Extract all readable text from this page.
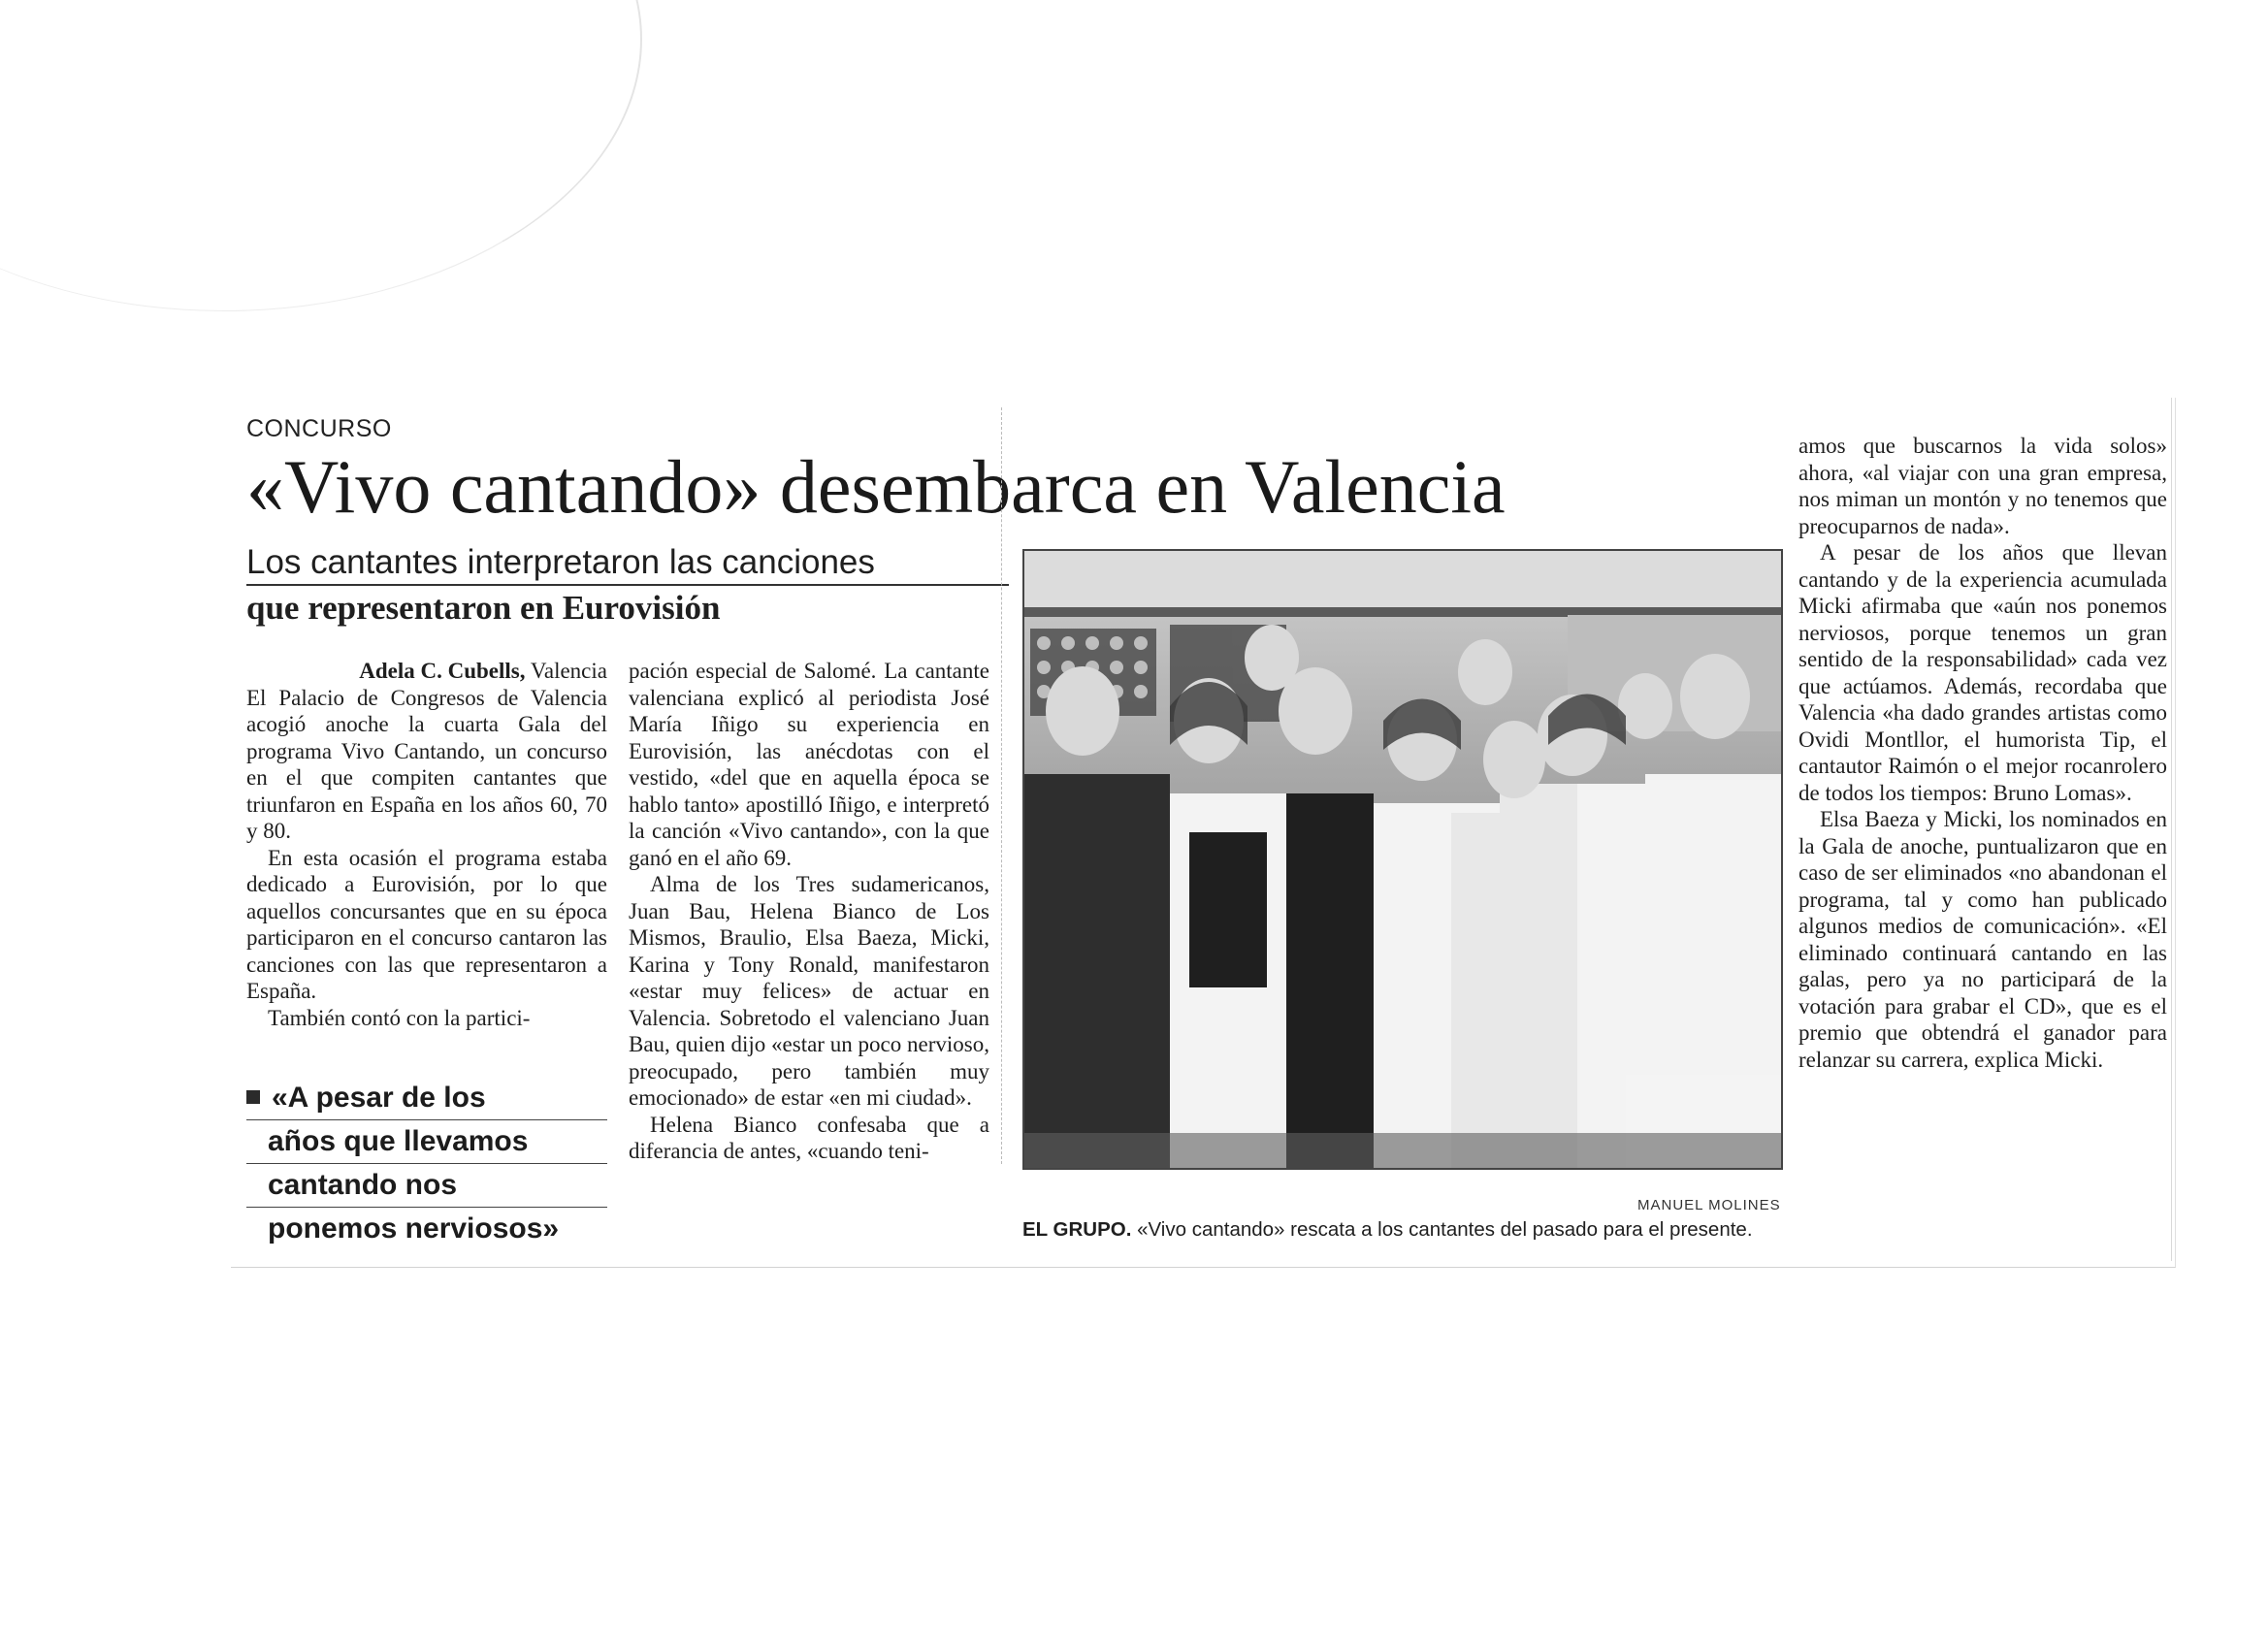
CONCURSO
«Vivo cantando» desembarca en Valencia
Los cantantes interpretaron las canciones
que representaron en Eurovisión

Adela C. Cubells, Valencia

El Palacio de Congresos de Valencia acogió anoche la cuarta Gala del programa Vivo Cantando, un concurso en el que compiten cantantes que triunfaron en España en los años 60, 70 y 80.

En esta ocasión el programa estaba dedicado a Eurovisión, por lo que aquellos concursantes que en su época participaron en el concurso cantaron las canciones con las que representaron a España.

También contó con la partici-

«A pesar de los
años que llevamos
cantando nos
ponemos nerviosos»

pación especial de Salomé. La cantante valenciana explicó al periodista José María Iñigo su experiencia en Eurovisión, las anécdotas con el vestido, «del que en aquella época se hablo tanto» apostilló Iñigo, e interpretó la canción «Vivo cantando», con la que ganó en el año 69.

Alma de los Tres sudamericanos, Juan Bau, Helena Bianco de Los Mismos, Braulio, Elsa Baeza, Micki, Karina y Tony Ronald, manifestaron «estar muy felices» de actuar en Valencia. Sobretodo el valenciano Juan Bau, quien dijo «estar un poco nervioso, preocupado, pero también muy emocionado» de estar «en mi ciudad».

Helena Bianco confesaba que a diferancia de antes, «cuando teni-

MANUEL MOLINES
EL GRUPO. «Vivo cantando» rescata a los cantantes del pasado para el presente.

amos que buscarnos la vida solos» ahora, «al viajar con una gran empresa, nos miman un montón y no tenemos que preocuparnos de nada».

A pesar de los años que llevan cantando y de la experiencia acumulada Micki afirmaba que «aún nos ponemos nerviosos, porque tenemos un gran sentido de la responsabilidad» cada vez que actúamos. Además, recordaba que Valencia «ha dado grandes artistas como Ovidi Montllor, el humorista Tip, el cantautor Raimón o el mejor rocanrolero de todos los tiempos: Bruno Lomas».

Elsa Baeza y Micki, los nominados en la Gala de anoche, puntualizaron que en caso de ser eliminados «no abandonan el programa, tal y como han publicado algunos medios de comunicación». «El eliminado continuará cantando en las galas, pero ya no participará de la votación para grabar el CD», que es el premio que obtendrá el ganador para relanzar su carrera, explica Micki.
